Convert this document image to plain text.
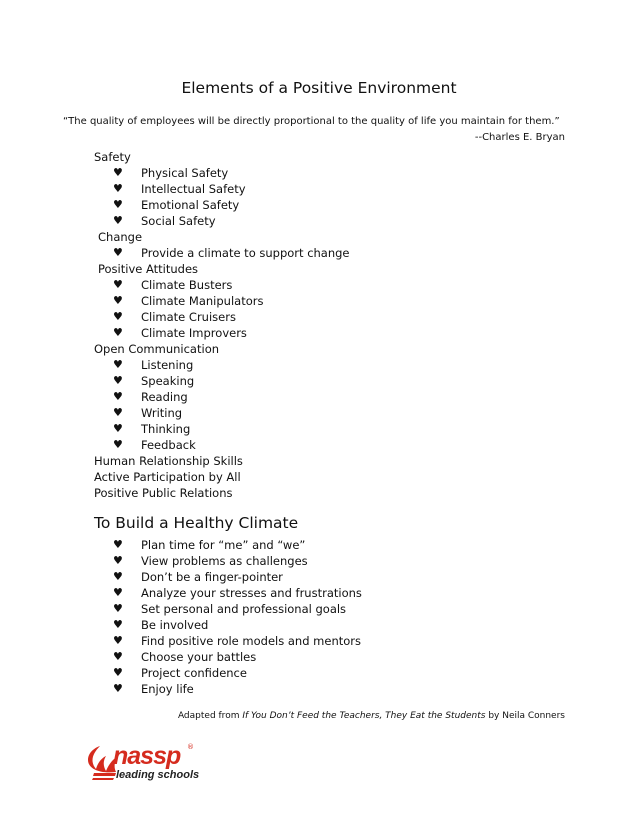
Elements of a Positive Environment
“The quality of employees will be directly proportional to the quality of life you maintain for them.”
--Charles E. Bryan
Safety
♥ Physical Safety
♥ Intellectual Safety
♥ Emotional Safety
♥ Social Safety
Change
♥ Provide a climate to support change
Positive Attitudes
♥ Climate Busters
♥ Climate Manipulators
♥ Climate Cruisers
♥ Climate Improvers
Open Communication
♥ Listening
♥ Speaking
♥ Reading
♥ Writing
♥ Thinking
♥ Feedback
Human Relationship Skills
Active Participation by All
Positive Public Relations
To Build a Healthy Climate
♥ Plan time for “me” and “we”
♥ View problems as challenges
♥ Don’t be a finger-pointer
♥ Analyze your stresses and frustrations
♥ Set personal and professional goals
♥ Be involved
♥ Find positive role models and mentors
♥ Choose your battles
♥ Project confidence
♥ Enjoy life
Adapted from If You Don’t Feed the Teachers, They Eat the Students by Neila Conners
nassp ®
leading schools
